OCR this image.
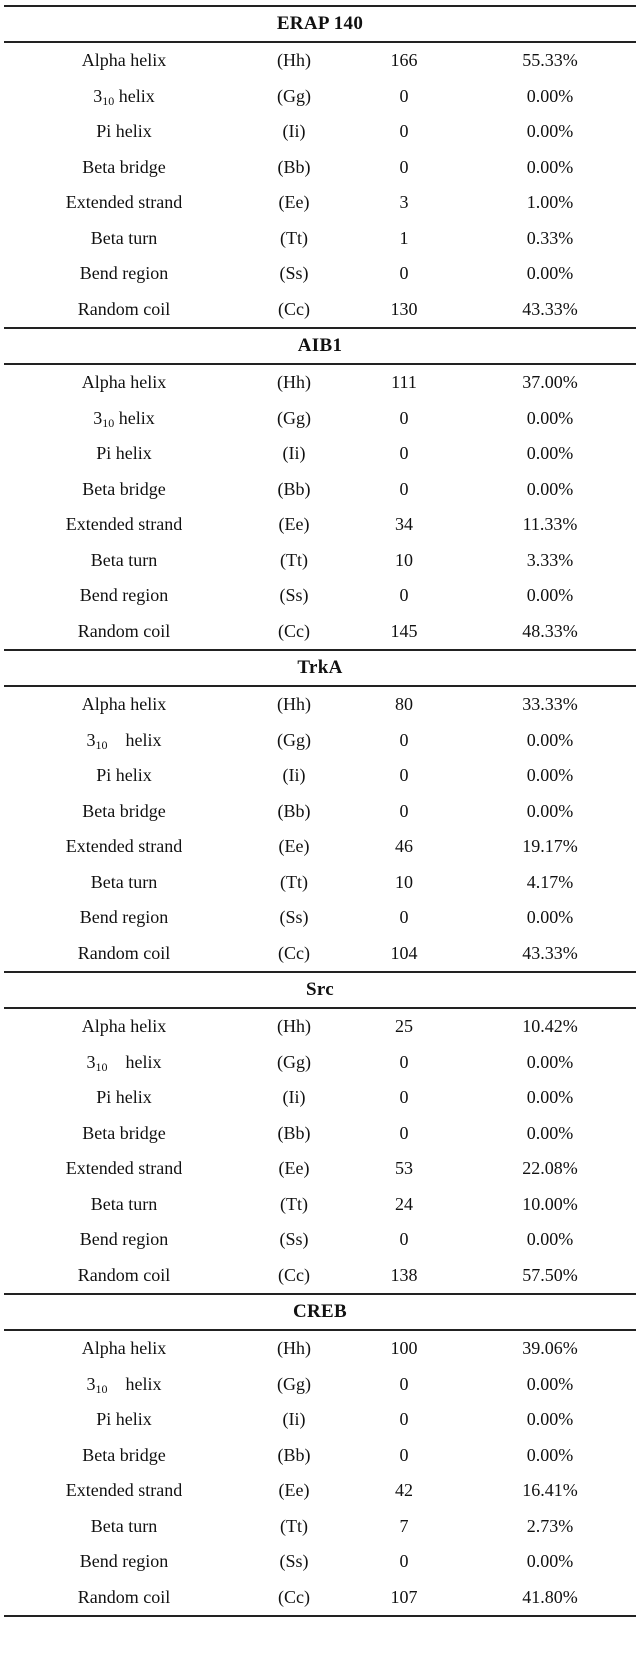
ERAP 140
Alpha helix	(Hh)	166	55.33%
$3_{10}$ helix	(Gg)	0	0.00%
Pi helix	(Ii)	0	0.00%
Beta bridge	(Bb)	0	0.00%
Extended strand	(Ee)	3	1.00%
Beta turn	(Tt)	1	0.33%
Bend region	(Ss)	0	0.00%
Random coil	(Cc)	130	43.33%
AIB1
Alpha helix	(Hh)	111	37.00%
$3_{10}$ helix	(Gg)	0	0.00%
Pi helix	(Ii)	0	0.00%
Beta bridge	(Bb)	0	0.00%
Extended strand	(Ee)	34	11.33%
Beta turn	(Tt)	10	3.33%
Bend region	(Ss)	0	0.00%
Random coil	(Cc)	145	48.33%
TrkA
Alpha helix	(Hh)	80	33.33%
$3_{10}$    helix	(Gg)	0	0.00%
Pi helix	(Ii)	0	0.00%
Beta bridge	(Bb)	0	0.00%
Extended strand	(Ee)	46	19.17%
Beta turn	(Tt)	10	4.17%
Bend region	(Ss)	0	0.00%
Random coil	(Cc)	104	43.33%
Src
Alpha helix	(Hh)	25	10.42%
$3_{10}$    helix	(Gg)	0	0.00%
Pi helix	(Ii)	0	0.00%
Beta bridge	(Bb)	0	0.00%
Extended strand	(Ee)	53	22.08%
Beta turn	(Tt)	24	10.00%
Bend region	(Ss)	0	0.00%
Random coil	(Cc)	138	57.50%
CREB
Alpha helix	(Hh)	100	39.06%
$3_{10}$    helix	(Gg)	0	0.00%
Pi helix	(Ii)	0	0.00%
Beta bridge	(Bb)	0	0.00%
Extended strand	(Ee)	42	16.41%
Beta turn	(Tt)	7	2.73%
Bend region	(Ss)	0	0.00%
Random coil	(Cc)	107	41.80%
